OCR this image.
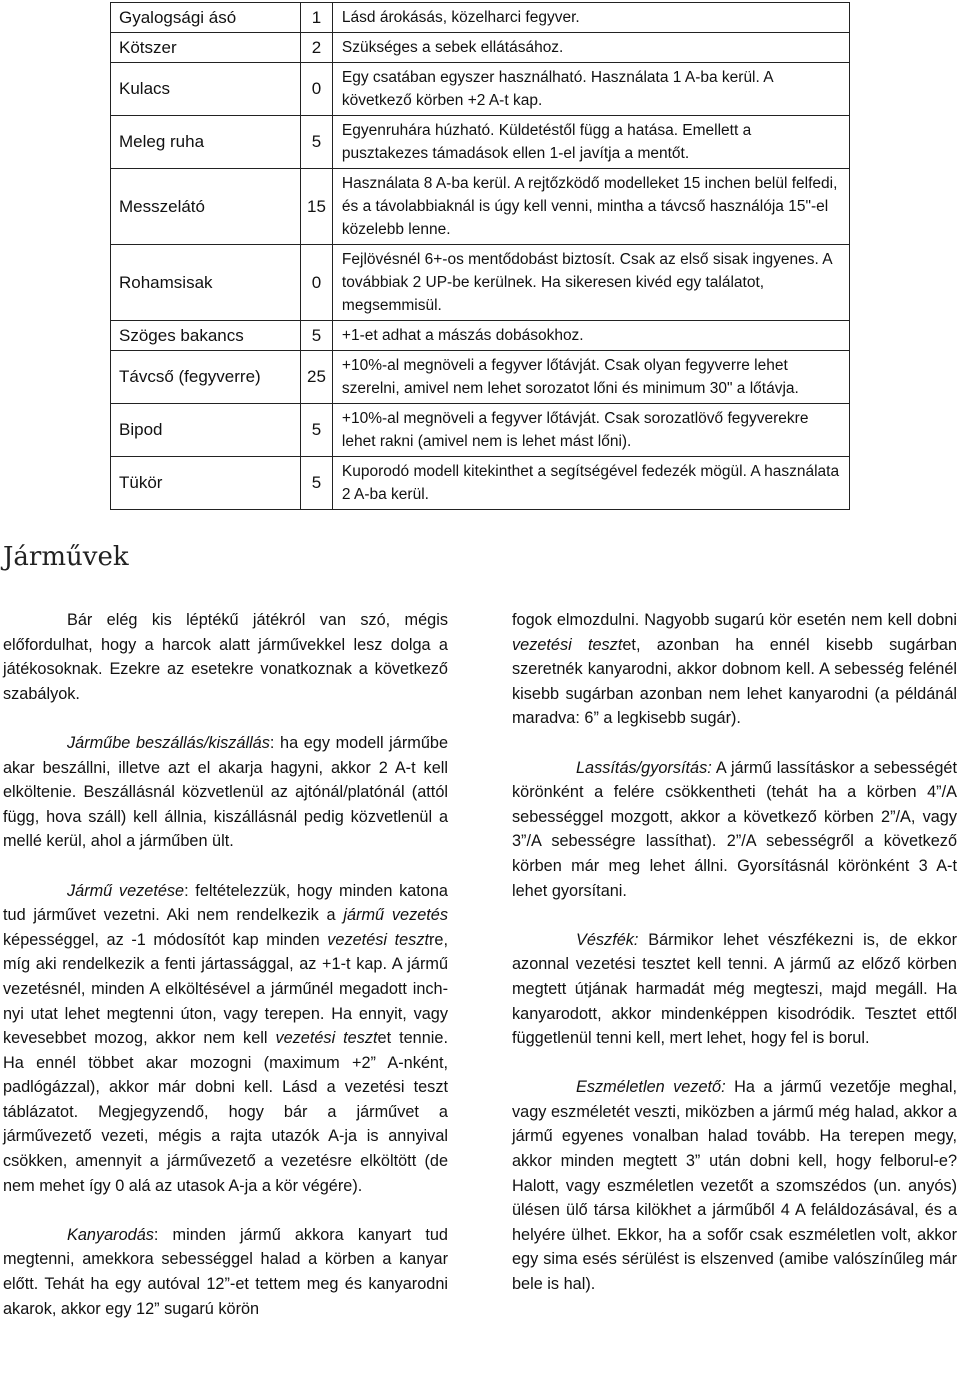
Gyalogsági ásó	1	Lásd árokásás, közelharci fegyver.
Kötszer	2	Szükséges a sebek ellátásához.
Kulacs	0	Egy csatában egyszer használható. Használata 1 A-ba kerül. A következő körben +2 A-t kap.
Meleg ruha	5	Egyenruhára húzható. Küldetéstől függ a hatása. Emellett a pusztakezes támadások ellen 1-el javítja a mentőt.
Messzelátó	15	Használata 8 A-ba kerül. A rejtőzködő modelleket 15 inchen belül felfedi, és a távolabbiaknál is úgy kell venni, mintha a távcső használója 15"-el közelebb lenne.
Rohamsisak	0	Fejlövésnél 6+-os mentődobást biztosít. Csak az első sisak ingyenes. A továbbiak 2 UP-be kerülnek. Ha sikeresen kivéd egy találatot, megsemmisül.
Szöges bakancs	5	+1-et adhat a mászás dobásokhoz.
Távcső (fegyverre)	25	+10%-al megnöveli a fegyver lőtávját. Csak olyan fegyverre lehet szerelni, amivel nem lehet sorozatot lőni és minimum 30" a lőtávja.
Bipod	5	+10%-al megnöveli a fegyver lőtávját. Csak sorozatlövő fegyverekre lehet rakni (amivel nem is lehet mást lőni).
Tükör	5	Kuporodó modell kitekinthet a segítségével fedezék mögül. A használata 2 A-ba kerül.
Járművek

Bár elég kis léptékű játékról van szó, mégis előfordulhat, hogy a harcok alatt járművekkel lesz dolga a játékosoknak. Ezekre az esetekre vonatkoznak a következő szabályok.

Járműbe beszállás/kiszállás: ha egy modell járműbe akar beszállni, illetve azt el akarja hagyni, akkor 2 A-t kell elköltenie. Beszállásnál közvetlenül az ajtónál/platónál (attól függ, hova száll) kell állnia, kiszállásnál pedig közvetlenül a mellé kerül, ahol a járműben ült.

Jármű vezetése: feltételezzük, hogy minden katona tud járművet vezetni. Aki nem rendelkezik a jármű vezetés képességgel, az -1 módosítót kap minden vezetési tesztre, míg aki rendelkezik a fenti jártassággal, az +1-t kap. A jármű vezetésnél, minden A elköltésével a járműnél megadott inch-nyi utat lehet megtenni úton, vagy terepen. Ha ennyit, vagy kevesebbet mozog, akkor nem kell vezetési tesztet tennie. Ha ennél többet akar mozogni (maximum +2” A-nként, padlógázzal), akkor már dobni kell. Lásd a vezetési teszt táblázatot. Megjegyzendő, hogy bár a járművet a járművezető vezeti, mégis a rajta utazók A-ja is annyival csökken, amennyit a járművezető a vezetésre elköltött (de nem mehet így 0 alá az utasok A-ja a kör végére).

Kanyarodás: minden jármű akkora kanyart tud megtenni, amekkora sebességgel halad a körben a kanyar előtt. Tehát ha egy autóval 12”-et tettem meg és kanyarodni akarok, akkor egy 12” sugarú körön

fogok elmozdulni. Nagyobb sugarú kör esetén nem kell dobni vezetési tesztet, azonban ha ennél kisebb sugárban szeretnék kanyarodni, akkor dobnom kell. A sebesség felénél kisebb sugárban azonban nem lehet kanyarodni (a példánál maradva: 6” a legkisebb sugár).

Lassítás/gyorsítás: A jármű lassításkor a sebességét körönként a felére csökkentheti (tehát ha a körben 4”/A sebességgel mozgott, akkor a következő körben 2”/A, vagy 3”/A sebességre lassíthat). 2”/A sebességről a következő körben már meg lehet állni. Gyorsításnál körönként 3 A-t lehet gyorsítani.

Vészfék: Bármikor lehet vészfékezni is, de ekkor azonnal vezetési tesztet kell tenni. A jármű az előző körben megtett útjának harmadát még megteszi, majd megáll. Ha kanyarodott, akkor mindenképpen kisodródik. Tesztet ettől függetlenül tenni kell, mert lehet, hogy fel is borul.

Eszméletlen vezető: Ha a jármű vezetője meghal, vagy eszméletét veszti, miközben a jármű még halad, akkor a jármű egyenes vonalban halad tovább. Ha terepen megy, akkor minden megtett 3” után dobni kell, hogy felborul-e? Halott, vagy eszméletlen vezetőt a szomszédos (un. anyós) ülésen ülő társa kilökhet a járműből 4 A feláldozásával, és a helyére ülhet. Ekkor, ha a sofőr csak eszméletlen volt, akkor egy sima esés sérülést is elszenved (amibe valószínűleg már bele is hal).
